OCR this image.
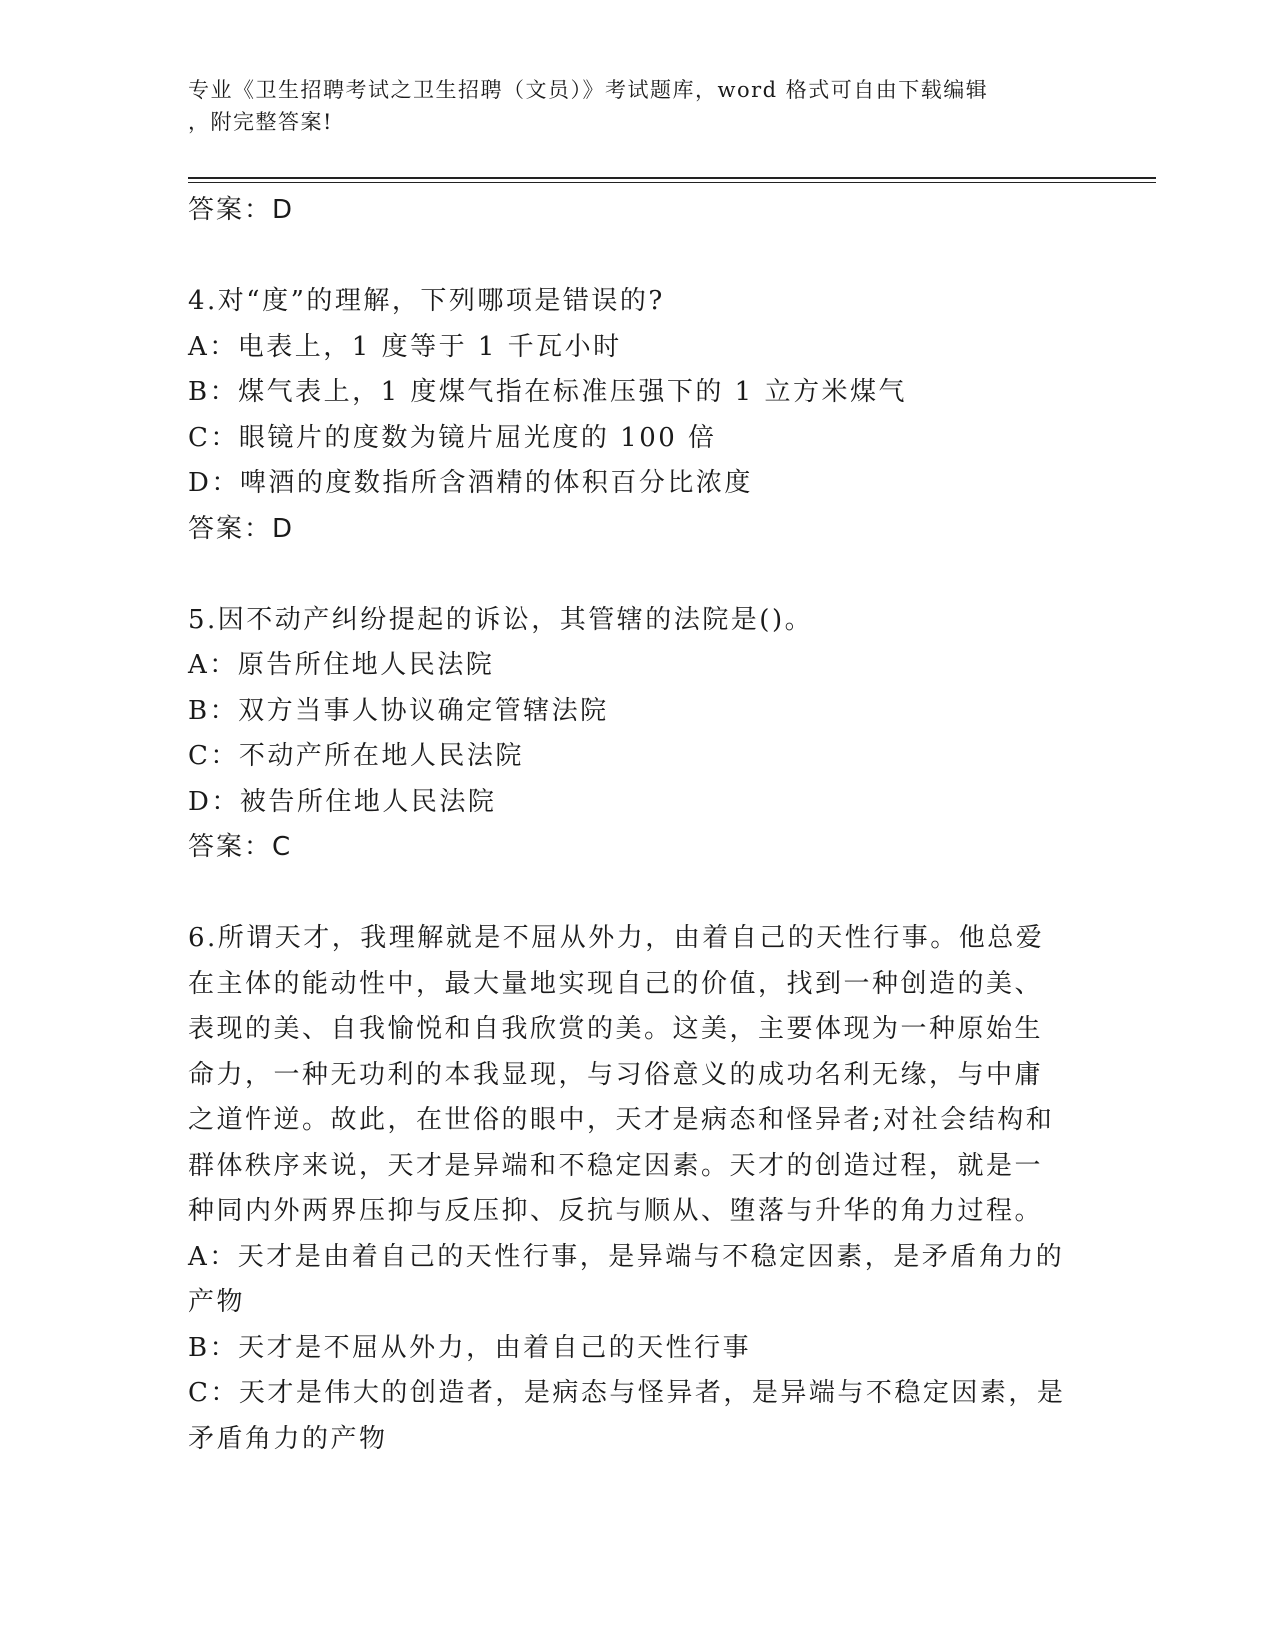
专业《卫生招聘考试之卫生招聘（文员）》考试题库，word 格式可自由下载编辑
，附完整答案!
答案：D
4.对“度”的理解，下列哪项是错误的?
A：电表上，1 度等于 1 千瓦小时
B：煤气表上，1 度煤气指在标准压强下的 1 立方米煤气
C：眼镜片的度数为镜片屈光度的 100 倍
D：啤酒的度数指所含酒精的体积百分比浓度
答案：D
5.因不动产纠纷提起的诉讼，其管辖的法院是()。
A：原告所住地人民法院
B：双方当事人协议确定管辖法院
C：不动产所在地人民法院
D：被告所住地人民法院
答案：C
6.所谓天才，我理解就是不屈从外力，由着自己的天性行事。他总爱
在主体的能动性中，最大量地实现自己的价值，找到一种创造的美、
表现的美、自我愉悦和自我欣赏的美。这美，主要体现为一种原始生
命力，一种无功利的本我显现，与习俗意义的成功名利无缘，与中庸
之道忤逆。故此，在世俗的眼中，天才是病态和怪异者;对社会结构和
群体秩序来说，天才是异端和不稳定因素。天才的创造过程，就是一
种同内外两界压抑与反压抑、反抗与顺从、堕落与升华的角力过程。
A：天才是由着自己的天性行事，是异端与不稳定因素，是矛盾角力的
产物
B：天才是不屈从外力，由着自己的天性行事
C：天才是伟大的创造者，是病态与怪异者，是异端与不稳定因素，是
矛盾角力的产物
